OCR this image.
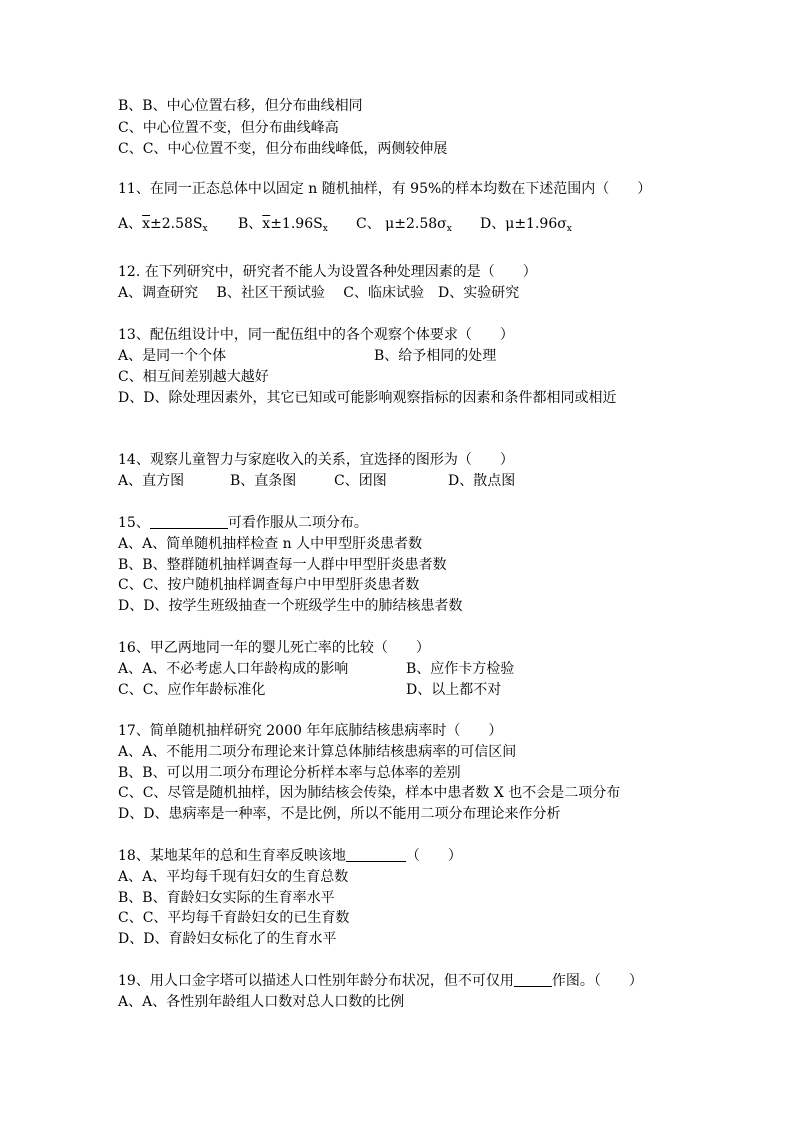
B、B、中心位置右移，但分布曲线相同
C、中心位置不变，但分布曲线峰高
C、C、中心位置不变，但分布曲线峰低，两侧较伸展
11、在同一正态总体中以固定 n 随机抽样，有 95%的样本均数在下述范围内（　　）
A、$\overline{x}\pm 2.58S_x$ B、$\overline{x}\pm 1.96S_x$ C、 $\mu\pm 2.58\sigma_x$ D、$\mu\pm 1.96\sigma_x$
12. 在下列研究中，研究者不能人为设置各种处理因素的是（　　）
A、调查研究　 B、社区干预试验　 C、临床试验　D、实验研究
13、配伍组设计中，同一配伍组中的各个观察个体要求（　　）
A、是同一个个体	B、给予相同的处理
C、相互间差别越大越好
D、D、除处理因素外，其它已知或可能影响观察指标的因素和条件都相同或相近
14、观察儿童智力与家庭收入的关系，宜选择的图形为（　　）
A、直方图	B、直条图	C、团图	D、散点图
15、	可看作服从二项分布。
A、A、简单随机抽样检查 n 人中甲型肝炎患者数
B、B、整群随机抽样调查每一人群中甲型肝炎患者数
C、C、按户随机抽样调查每户中甲型肝炎患者数
D、D、按学生班级抽查一个班级学生中的肺结核患者数
16、甲乙两地同一年的婴儿死亡率的比较（　　）
A、A、不必考虑人口年龄构成的影响	B、应作卡方检验
C、C、应作年龄标准化	D、以上都不对
17、简单随机抽样研究 2000 年年底肺结核患病率时（　　）
A、A、不能用二项分布理论来计算总体肺结核患病率的可信区间
B、B、可以用二项分布理论分析样本率与总体率的差别
C、C、尽管是随机抽样，因为肺结核会传染，样本中患者数 X 也不会是二项分布
D、D、患病率是一种率，不是比例，所以不能用二项分布理论来作分析
18、某地某年的总和生育率反映该地	（　　）
A、A、平均每千现有妇女的生育总数
B、B、育龄妇女实际的生育率水平
C、C、平均每千育龄妇女的已生育数
D、D、育龄妇女标化了的生育水平
19、用人口金字塔可以描述人口性别年龄分布状况，但不可仅用	作图。（　　）
A、A、各性别年龄组人口数对总人口数的比例
